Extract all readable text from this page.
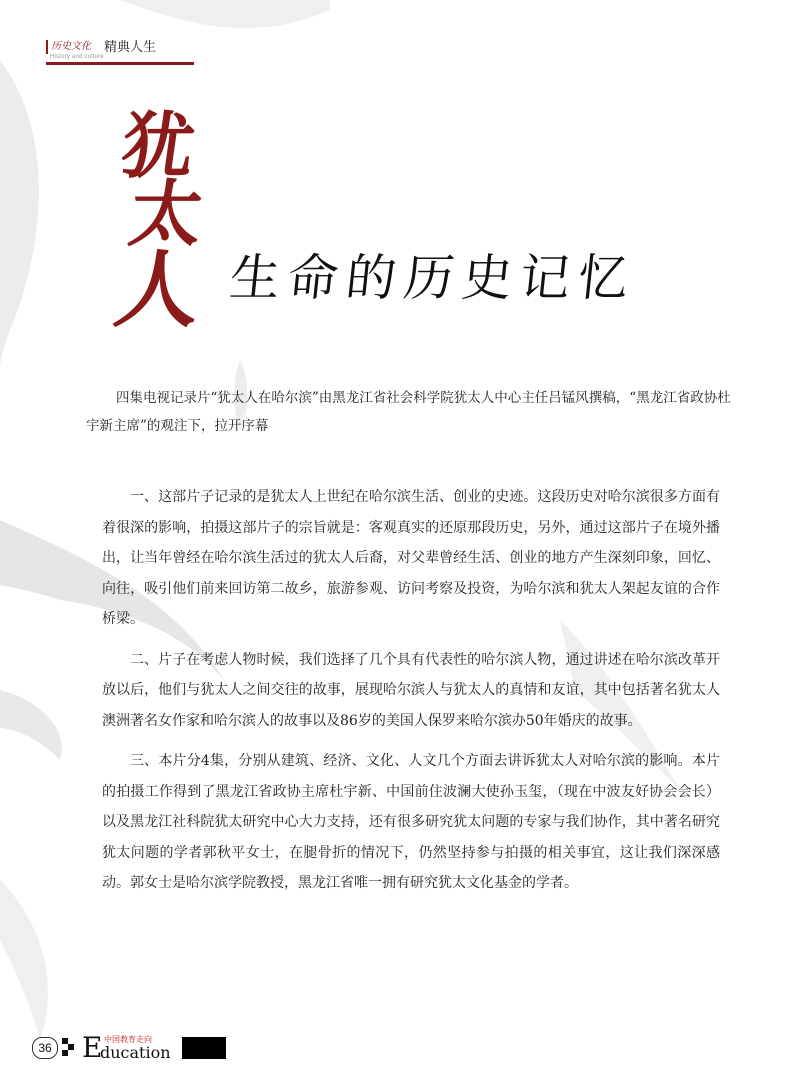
历史文化
History and culture
精典人生
犹
太
人 生命的历史记忆

四集电视记录片“犹太人在哈尔滨”由黑龙江省社会科学院犹太人中心主任吕锰风撰稿，“黑龙江省政协杜宇新主席”的观注下，拉开序幕

一、这部片子记录的是犹太人上世纪在哈尔滨生活、创业的史迹。这段历史对哈尔滨很多方面有着很深的影响，拍摄这部片子的宗旨就是：客观真实的还原那段历史，另外，通过这部片子在境外播出，让当年曾经在哈尔滨生活过的犹太人后裔，对父辈曾经生活、创业的地方产生深刻印象，回忆、向往，吸引他们前来回访第二故乡，旅游参观、访问考察及投资，为哈尔滨和犹太人架起友谊的合作桥梁。

二、片子在考虑人物时候，我们选择了几个具有代表性的哈尔滨人物，通过讲述在哈尔滨改革开放以后，他们与犹太人之间交往的故事，展现哈尔滨人与犹太人的真情和友谊，其中包括著名犹太人澳洲著名女作家和哈尔滨人的故事以及86岁的美国人保罗来哈尔滨办50年婚庆的故事。

三、本片分4集，分别从建筑、经济、文化、人文几个方面去讲诉犹太人对哈尔滨的影响。本片的拍摄工作得到了黑龙江省政协主席杜宇新、中国前住波澜大使孙玉玺，（现在中波友好协会会长）以及黑龙江社科院犹太研究中心大力支持，还有很多研究犹太问题的专家与我们协作，其中著名研究犹太问题的学者郭秋平女士，在腿骨折的情况下，仍然坚持参与拍摄的相关事宜，这让我们深深感动。郭女士是哈尔滨学院教授，黑龙江省唯一拥有研究犹太文化基金的学者。

36 E 中国教育走向
ducation
